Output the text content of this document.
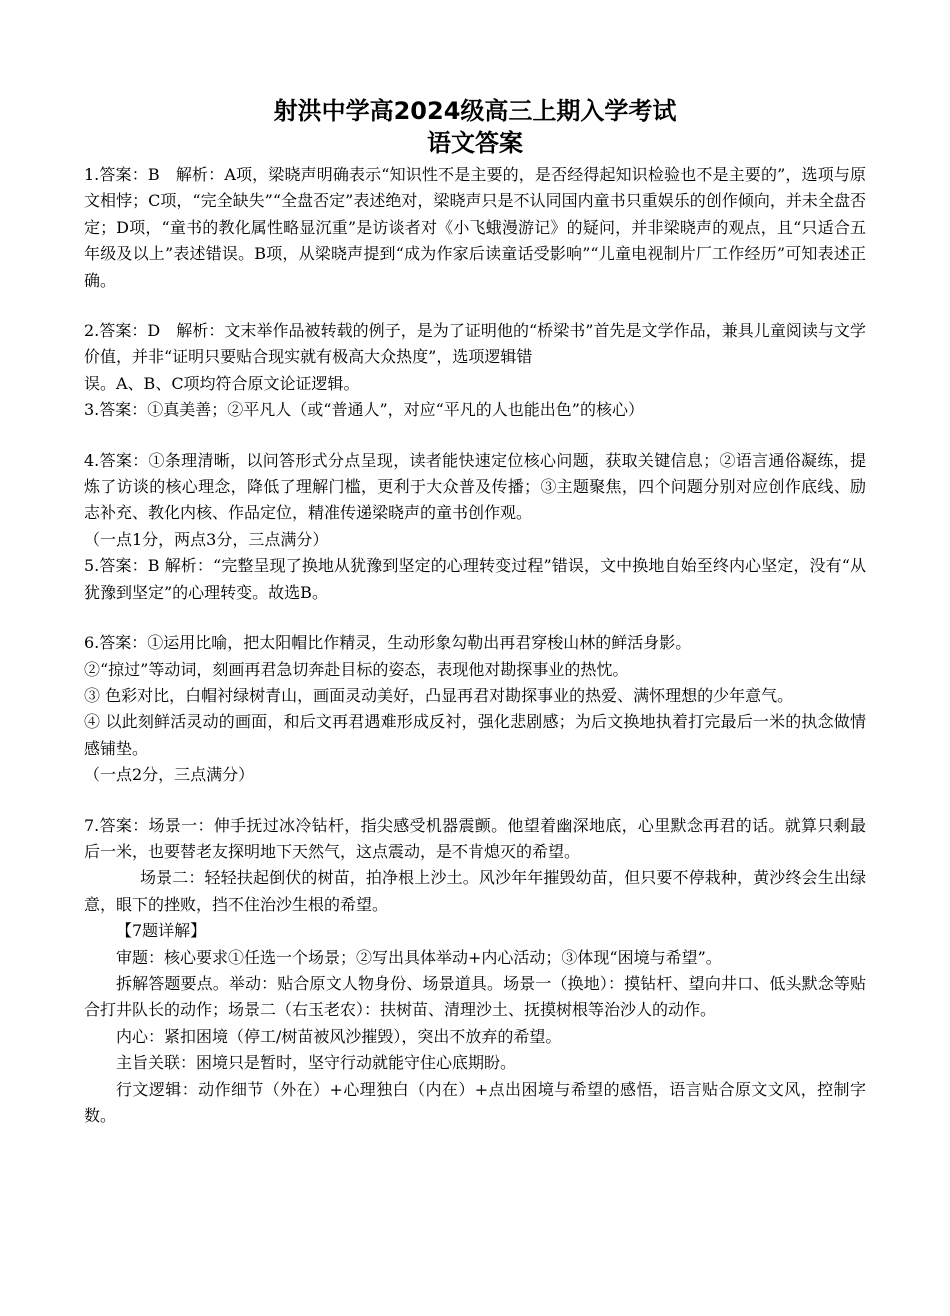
射洪中学高2024级高三上期入学考试
语文答案

1.答案：B　解析：A项，梁晓声明确表示“知识性不是主要的，是否经得起知识检验也不是主要的”，选项与原文相悖；C项，“完全缺失”“全盘否定”表述绝对，梁晓声只是不认同国内童书只重娱乐的创作倾向，并未全盘否定；D项，“童书的教化属性略显沉重”是访谈者对《小飞蛾漫游记》的疑问，并非梁晓声的观点，且“只适合五年级及以上”表述错误。B项，从梁晓声提到“成为作家后读童话受影响”“儿童电视制片厂工作经历”可知表述正确。

2.答案：D　解析：文末举作品被转载的例子，是为了证明他的“桥梁书”首先是文学作品，兼具儿童阅读与文学价值，并非“证明只要贴合现实就有极高大众热度”，选项逻辑错

误。A、B、C项均符合原文论证逻辑。

3.答案：①真美善；②平凡人（或“普通人”，对应“平凡的人也能出色”的核心）

4.答案：①条理清晰，以问答形式分点呈现，读者能快速定位核心问题，获取关键信息；②语言通俗凝练，提炼了访谈的核心理念，降低了理解门槛，更利于大众普及传播；③主题聚焦，四个问题分别对应创作底线、励志补充、教化内核、作品定位，精准传递梁晓声的童书创作观。

（一点1分，两点3分，三点满分）

5.答案：B 解析：“完整呈现了换地从犹豫到坚定的心理转变过程”错误，文中换地自始至终内心坚定，没有“从犹豫到坚定”的心理转变。故选B。

6.答案：①运用比喻，把太阳帽比作精灵，生动形象勾勒出再君穿梭山林的鲜活身影。

②“掠过”等动词，刻画再君急切奔赴目标的姿态，表现他对勘探事业的热忱。

③ 色彩对比，白帽衬绿树青山，画面灵动美好，凸显再君对勘探事业的热爱、满怀理想的少年意气。

④ 以此刻鲜活灵动的画面，和后文再君遇难形成反衬，强化悲剧感；为后文换地执着打完最后一米的执念做情感铺垫。

（一点2分，三点满分）

7.答案：场景一：伸手抚过冰冷钻杆，指尖感受机器震颤。他望着幽深地底，心里默念再君的话。就算只剩最后一米，也要替老友探明地下天然气，这点震动，是不肯熄灭的希望。

场景二：轻轻扶起倒伏的树苗，拍净根上沙土。风沙年年摧毁幼苗，但只要不停栽种，黄沙终会生出绿意，眼下的挫败，挡不住治沙生根的希望。

【7题详解】

审题：核心要求①任选一个场景；②写出具体举动+内心活动；③体现“困境与希望”。

拆解答题要点。举动：贴合原文人物身份、场景道具。场景一（换地）：摸钻杆、望向井口、低头默念等贴合打井队长的动作；场景二（右玉老农）：扶树苗、清理沙土、抚摸树根等治沙人的动作。

内心：紧扣困境（停工/树苗被风沙摧毁），突出不放弃的希望。

主旨关联：困境只是暂时，坚守行动就能守住心底期盼。

行文逻辑：动作细节（外在）+心理独白（内在）+点出困境与希望的感悟，语言贴合原文文风，控制字数。
